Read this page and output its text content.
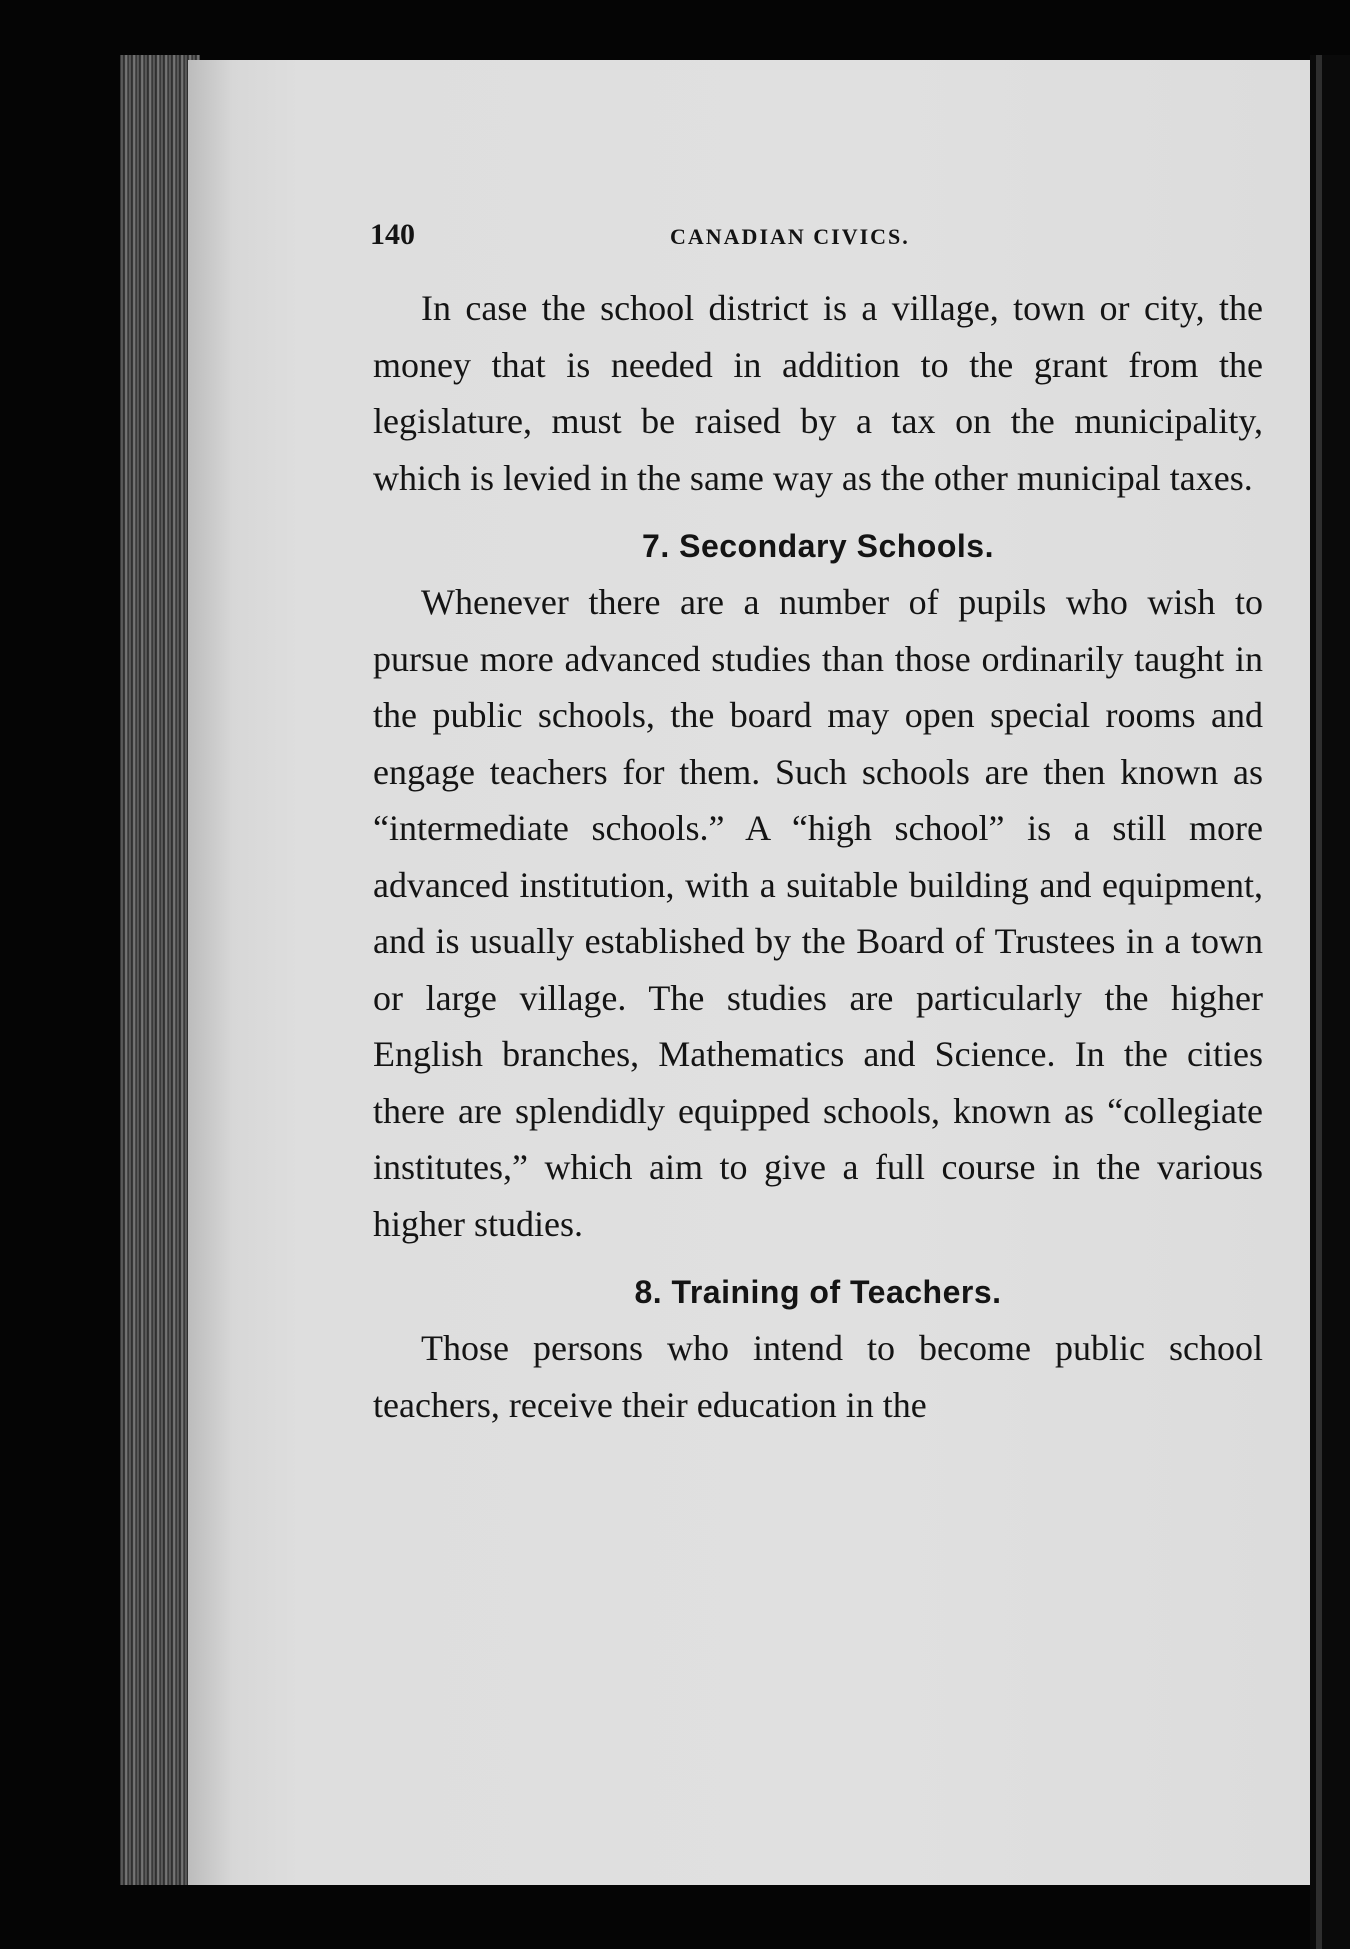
140	CANADIAN CIVICS.

In case the school district is a village, town or city, the money that is needed in addition to the grant from the legislature, must be raised by a tax on the municipality, which is levied in the same way as the other municipal taxes.

7. Secondary Schools.

Whenever there are a number of pupils who wish to pursue more advanced studies than those ordinarily taught in the public schools, the board may open special rooms and engage teachers for them. Such schools are then known as “intermediate schools.” A “high school” is a still more advanced institution, with a suitable building and equipment, and is usually established by the Board of Trustees in a town or large village. The studies are particularly the higher English branches, Mathematics and Science. In the cities there are splendidly equipped schools, known as “collegiate institutes,” which aim to give a full course in the various higher studies.

8. Training of Teachers.

Those persons who intend to become public school teachers, receive their education in the
